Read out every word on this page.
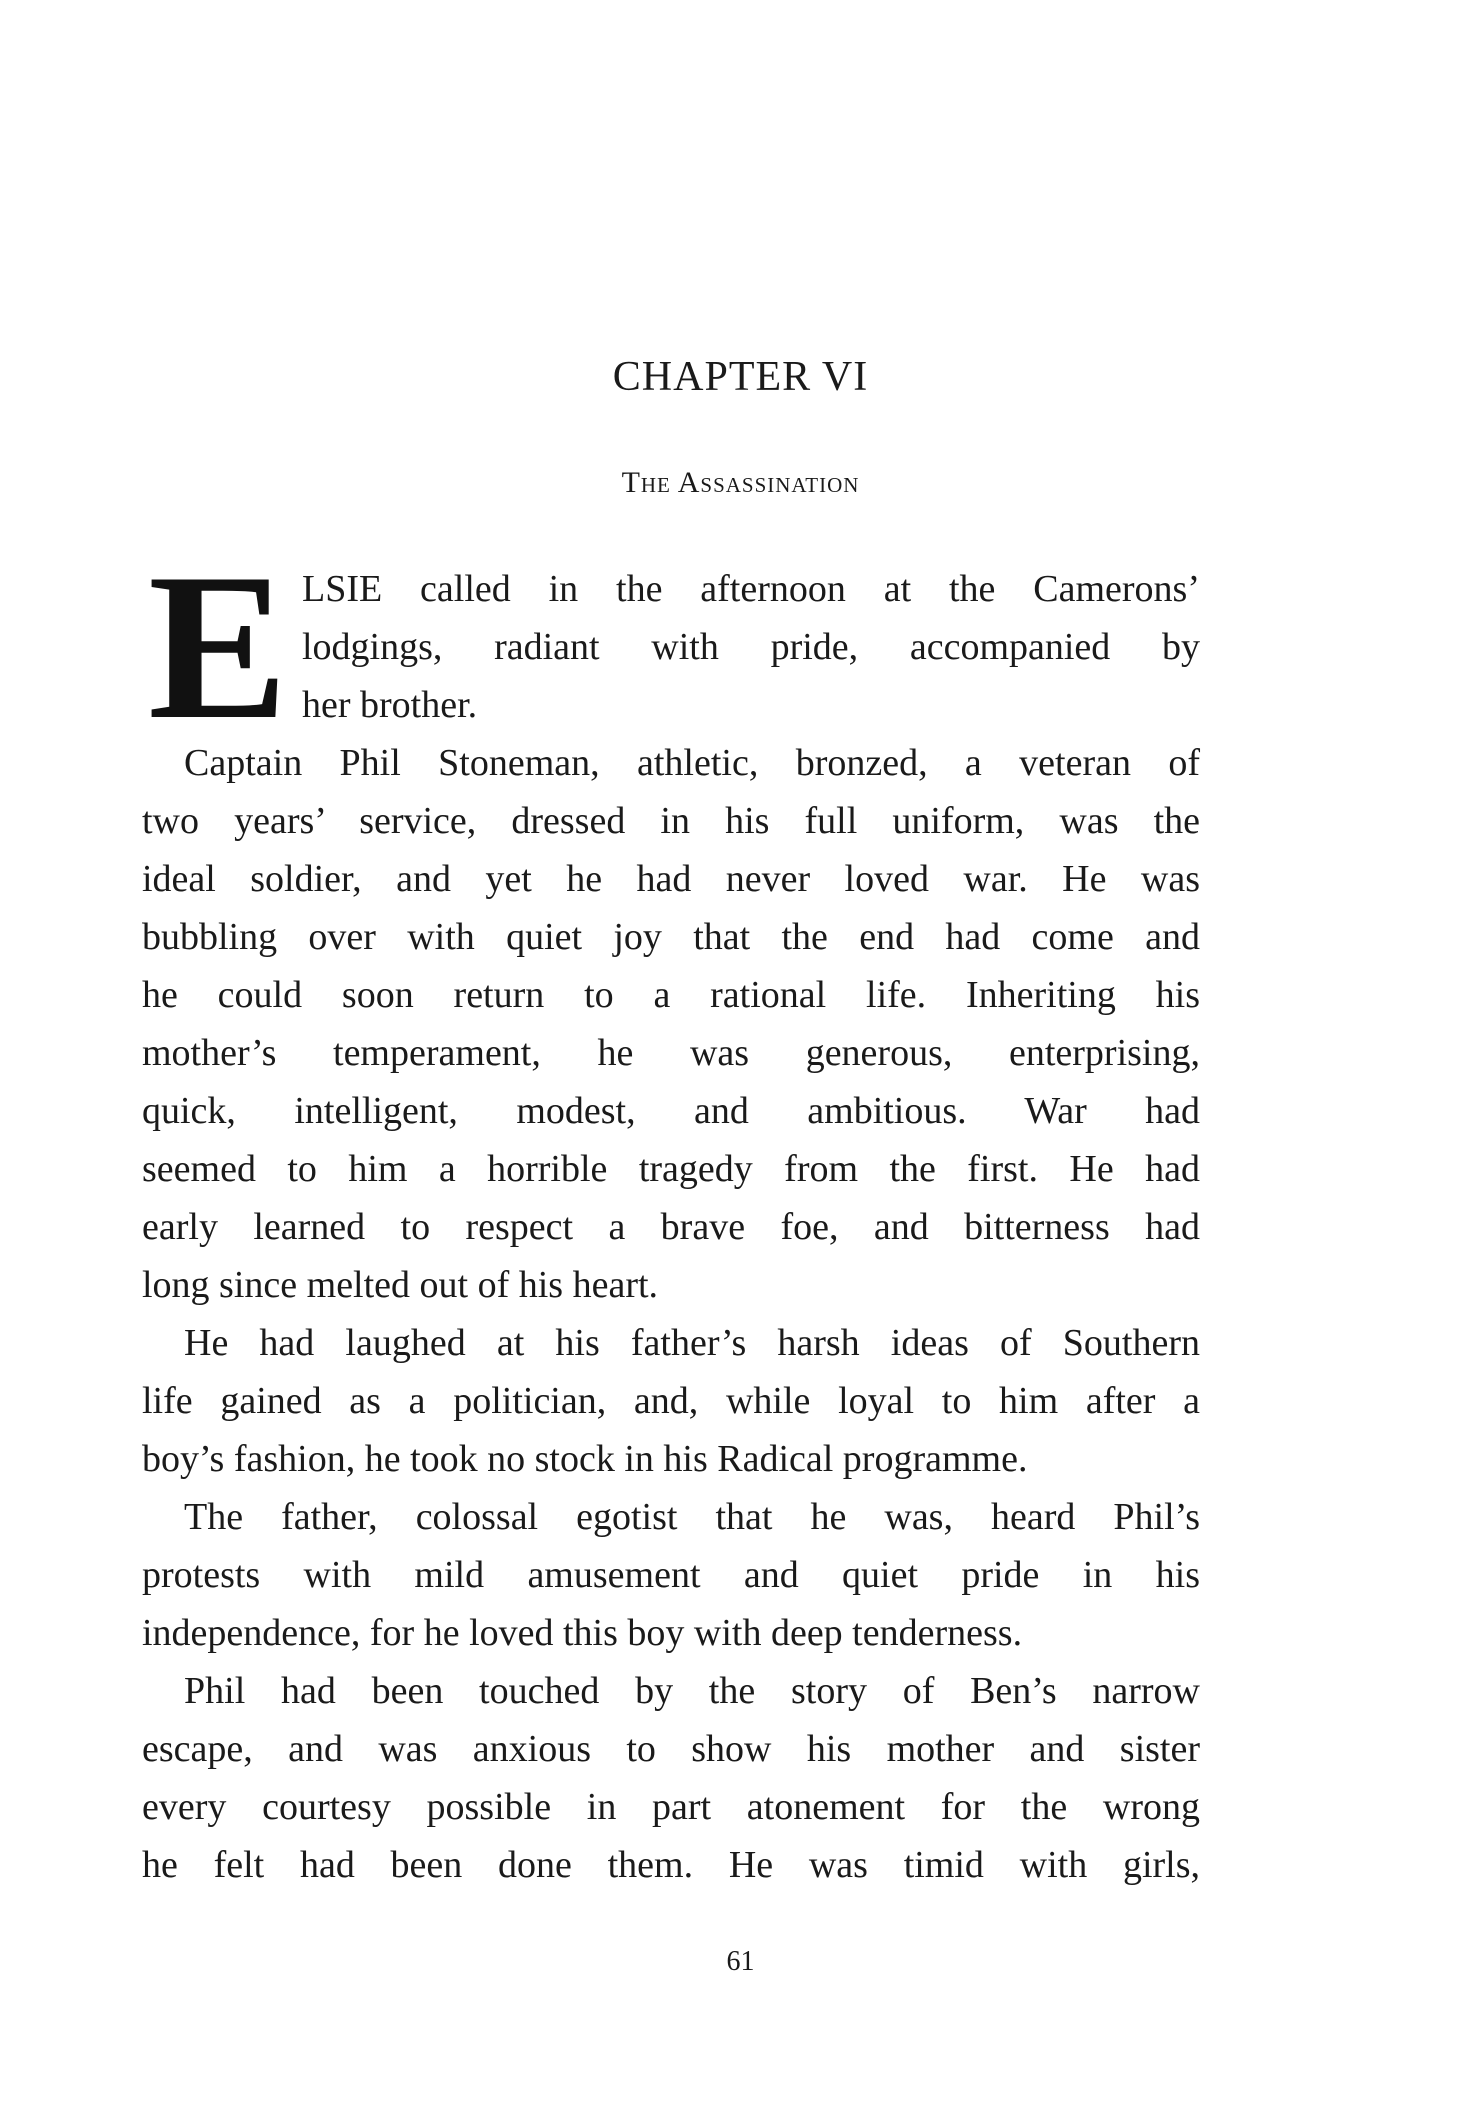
CHAPTER VI
The Assassination
E LSIE called in the afternoon at the Camerons’
lodgings, radiant with pride, accompanied by
her brother.
Captain Phil Stoneman, athletic, bronzed, a veteran of
two years’ service, dressed in his full uniform, was the
ideal soldier, and yet he had never loved war. He was
bubbling over with quiet joy that the end had come and
he could soon return to a rational life. Inheriting his
mother’s temperament, he was generous, enterprising,
quick, intelligent, modest, and ambitious. War had
seemed to him a horrible tragedy from the first. He had
early learned to respect a brave foe, and bitterness had
long since melted out of his heart.
He had laughed at his father’s harsh ideas of Southern
life gained as a politician, and, while loyal to him after a
boy’s fashion, he took no stock in his Radical programme.
The father, colossal egotist that he was, heard Phil’s
protests with mild amusement and quiet pride in his
independence, for he loved this boy with deep tenderness.
Phil had been touched by the story of Ben’s narrow
escape, and was anxious to show his mother and sister
every courtesy possible in part atonement for the wrong
he felt had been done them. He was timid with girls,
61
